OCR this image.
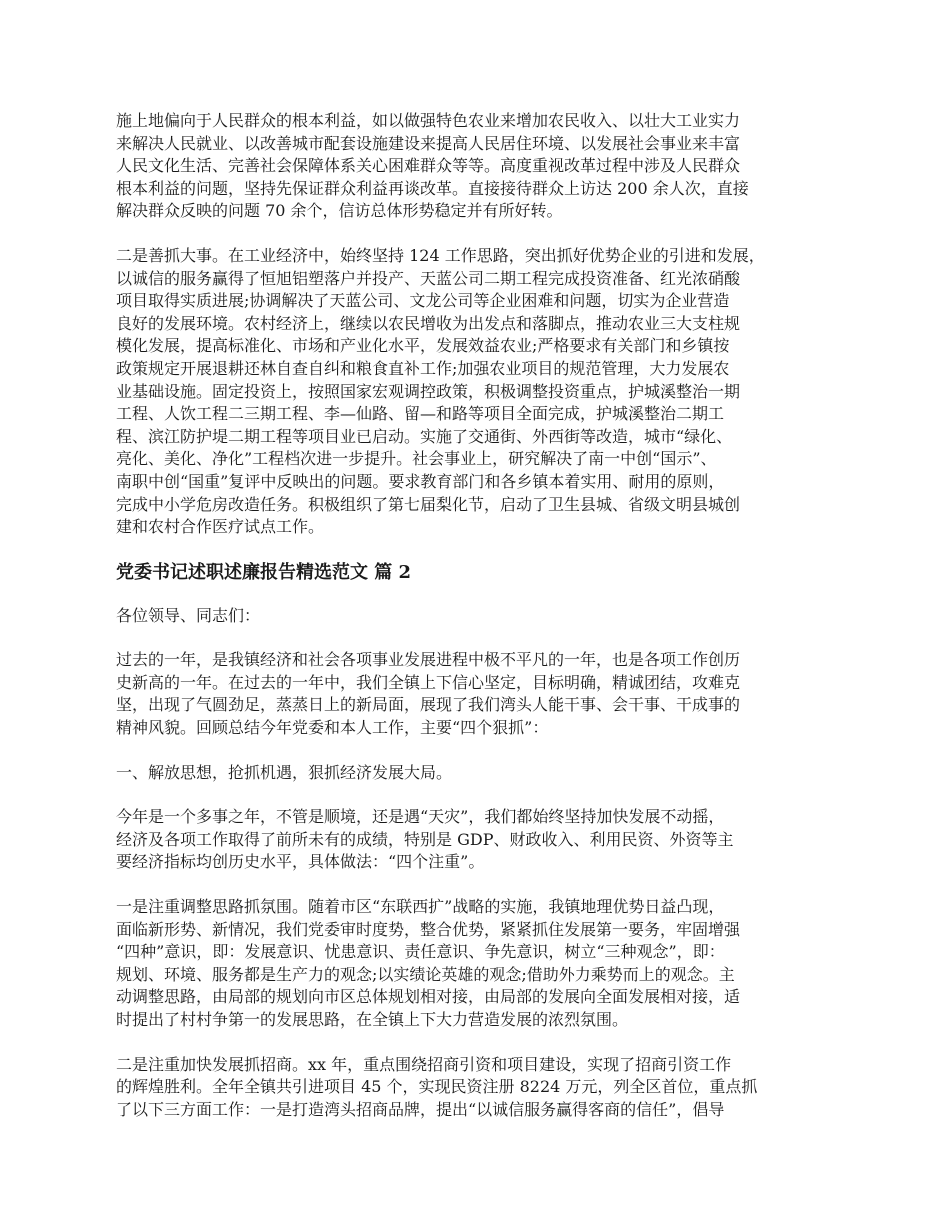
施上地偏向于人民群众的根本利益，如以做强特色农业来增加农民收入、以壮大工业实力
来解决人民就业、以改善城市配套设施建设来提高人民居住环境、以发展社会事业来丰富
人民文化生活、完善社会保障体系关心困难群众等等。高度重视改革过程中涉及人民群众
根本利益的问题，坚持先保证群众利益再谈改革。直接接待群众上访达 200 余人次，直接
解决群众反映的问题 70 余个，信访总体形势稳定并有所好转。

二是善抓大事。在工业经济中，始终坚持 124 工作思路，突出抓好优势企业的引进和发展，
以诚信的服务赢得了恒旭铝塑落户并投产、天蓝公司二期工程完成投资准备、红光浓硝酸
项目取得实质进展;协调解决了天蓝公司、文龙公司等企业困难和问题，切实为企业营造
良好的发展环境。农村经济上，继续以农民增收为出发点和落脚点，推动农业三大支柱规
模化发展，提高标准化、市场和产业化水平，发展效益农业;严格要求有关部门和乡镇按
政策规定开展退耕还林自查自纠和粮食直补工作;加强农业项目的规范管理，大力发展农
业基础设施。固定投资上，按照国家宏观调控政策，积极调整投资重点，护城溪整治一期
工程、人饮工程二三期工程、李—仙路、留—和路等项目全面完成，护城溪整治二期工
程、滨江防护堤二期工程等项目业已启动。实施了交通街、外西街等改造，城市“绿化、
亮化、美化、净化”工程档次进一步提升。社会事业上，研究解决了南一中创“国示”、
南职中创“国重”复评中反映出的问题。要求教育部门和各乡镇本着实用、耐用的原则，
完成中小学危房改造任务。积极组织了第七届梨化节，启动了卫生县城、省级文明县城创
建和农村合作医疗试点工作。

党委书记述职述廉报告精选范文 篇 2

各位领导、同志们：

过去的一年，是我镇经济和社会各项事业发展进程中极不平凡的一年，也是各项工作创历
史新高的一年。在过去的一年中，我们全镇上下信心坚定，目标明确，精诚团结，攻难克
坚，出现了气圆劲足，蒸蒸日上的新局面，展现了我们湾头人能干事、会干事、干成事的
精神风貌。回顾总结今年党委和本人工作，主要“四个狠抓”：

一、解放思想，抢抓机遇，狠抓经济发展大局。

今年是一个多事之年，不管是顺境，还是遇“天灾”，我们都始终坚持加快发展不动摇，
经济及各项工作取得了前所未有的成绩，特别是 GDP、财政收入、利用民资、外资等主
要经济指标均创历史水平，具体做法：“四个注重”。

一是注重调整思路抓氛围。随着市区“东联西扩”战略的实施，我镇地理优势日益凸现，
面临新形势、新情况，我们党委审时度势，整合优势，紧紧抓住发展第一要务，牢固增强
“四种”意识，即：发展意识、忧患意识、责任意识、争先意识，树立“三种观念”，即：
规划、环境、服务都是生产力的观念;以实绩论英雄的观念;借助外力乘势而上的观念。主
动调整思路，由局部的规划向市区总体规划相对接，由局部的发展向全面发展相对接，适
时提出了村村争第一的发展思路，在全镇上下大力营造发展的浓烈氛围。

二是注重加快发展抓招商。xx 年，重点围绕招商引资和项目建设，实现了招商引资工作
的辉煌胜利。全年全镇共引进项目 45 个，实现民资注册 8224 万元，列全区首位，重点抓
了以下三方面工作：一是打造湾头招商品牌，提出“以诚信服务赢得客商的信任”，倡导
